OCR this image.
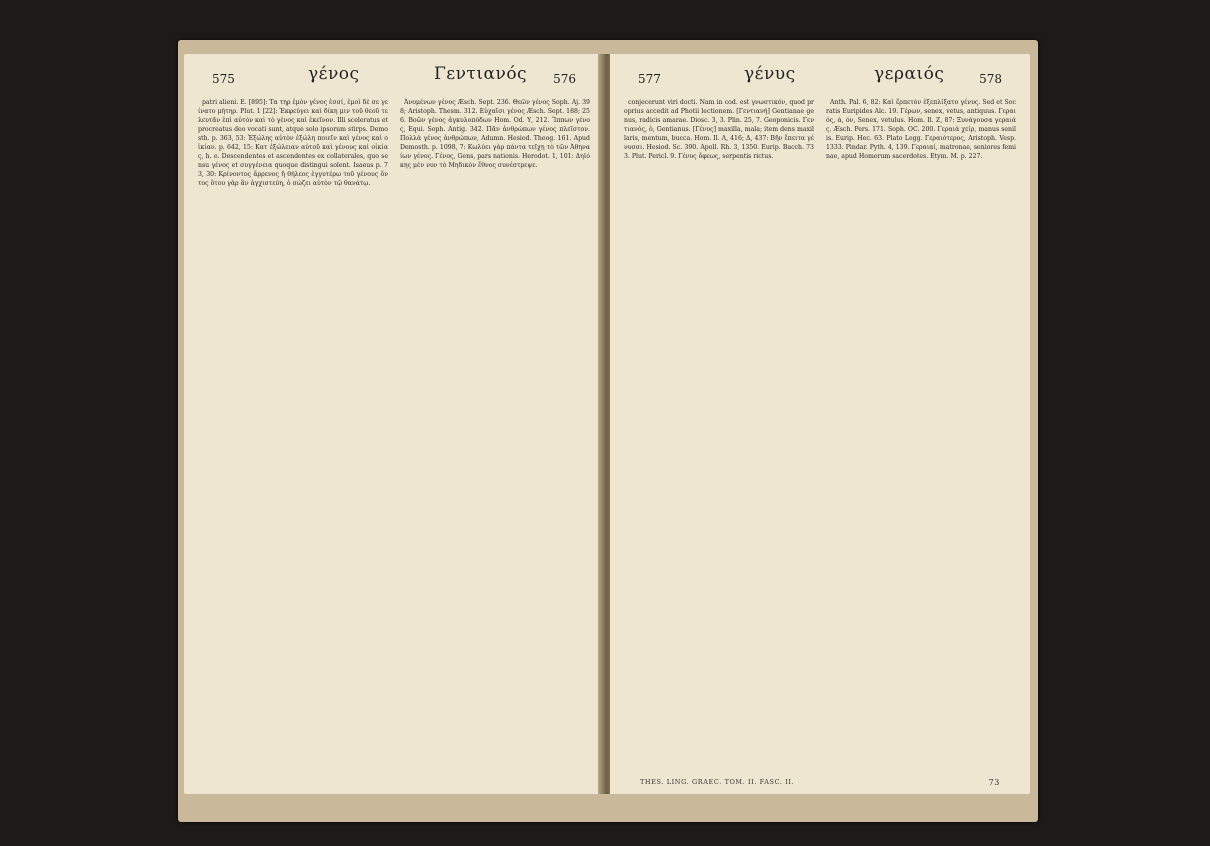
575	γένος	Γεντιανός 576

patri alieni. E. [895]: Τα τηρ ἐμὸν γένος ἐσσί, ἐμοὶ δὲ σε γείνατο μήτηρ. Plut. 1 [22]: Ἐκφεύγει καὶ δίκη μιν τοῦ θεοῦ τελευτᾶν ἐπὶ αὐτὸν καὶ τὸ γένος καὶ ἐκεῖνον. Illi sceleratus et procreatus deo vocati sunt, atque solo ipsorum stirps. Demosth. p. 363, 53: Ἐξώλης αὐτὸν ἐξώλη ποιεῖν καὶ γένος καὶ οἰκίαν. p. 642, 15: Κατ ἐξώλειαν αὐτοῦ καὶ γένους καὶ οἰκίας, h. e. Descendentes et ascendentes ex collaterales, quo sensu γένος et συγγένεια quoque distingui solent. Isaeus p. 73, 30: Κρίνοντος ἄρρενος ἢ θήλεος ἐγγυτέρω τοῦ γένους ὄντος ὅτου γὰρ ἂν ἀγχιστεύη, ὁ σώζει αὐτὸν τῷ θανάτῳ.

Ἀνομένων γένος Æsch. Sept. 236. Θεῶν γένος Soph. Aj. 398; Aristoph. Thesm. 312. Εὐχαῖσι γένος Æsch. Sept. 188; 256. Βοῶν γένος ἀγκυλοπόδων Hom. Od. Υ, 212. Ἵππων γένος, Equi. Soph. Antig. 342. Πᾶν ἀνθρώπων γένος πλεῖστον. Πολλὰ γένος ἀνθρώπων, Adumn. Hesiod. Theog. 161. Apud Demosth. p. 1098, 7: Κωλύει γὰρ πάντα τεῖχη τὸ τῶν Ἀθηναίων γένος. Γένος, Gens, pars nationis. Herodot. 1, 101: Δηϊόκης μὲν νυν τὸ Μηδικὸν ἔθνος συνέστρεψε.

577	γένυς	γεραιός	578

conjecerunt viri docti. Nam in cod. est γνωστικόν, quod proprius accedit ad Photii lectionem. [Γεντιανή] Gentianae genus, radicis amarae. Diosc. 3, 3. Plin. 25, 7. Geoponicis. Γεντιανὸς, ὁ, Gentianus. [Γένυς] maxilla, mala; item dens maxillaris, mentum, bucca. Hom. Il. Λ, 416; Δ, 437: Βῆν ἔπειτα γένυσσι. Hesiod. Sc. 390. Apoll. Rh. 3, 1350. Eurip. Bacch. 733. Plut. Pericl. 9. Γένυς ὄφεως, serpentis rictus.

Anth. Pal. 6, 82: Καὶ ἕρπετὸν ἐξεπλίξατο γένυς. Sed et Socratis Euripides Alc. 19. Γέρων, senex, vetus, antiquus. Γεραιός, ά, όν, Senex, vetulus. Hom. Il. Ζ, 87: Ξυνάγουσα γεραιάς. Æsch. Pers. 171. Soph. OC. 200. Γεραιὰ χείρ, manus senilis. Eurip. Hec. 63. Plato Legg. Γεραιότερος, Aristoph. Vesp. 1333. Pindar. Pyth. 4, 139. Γεραιαί, matronae, seniores feminae, apud Homerum sacerdotes. Etym. M. p. 227.

THES. LING. GRAEC. TOM. II. FASC. II.	73
